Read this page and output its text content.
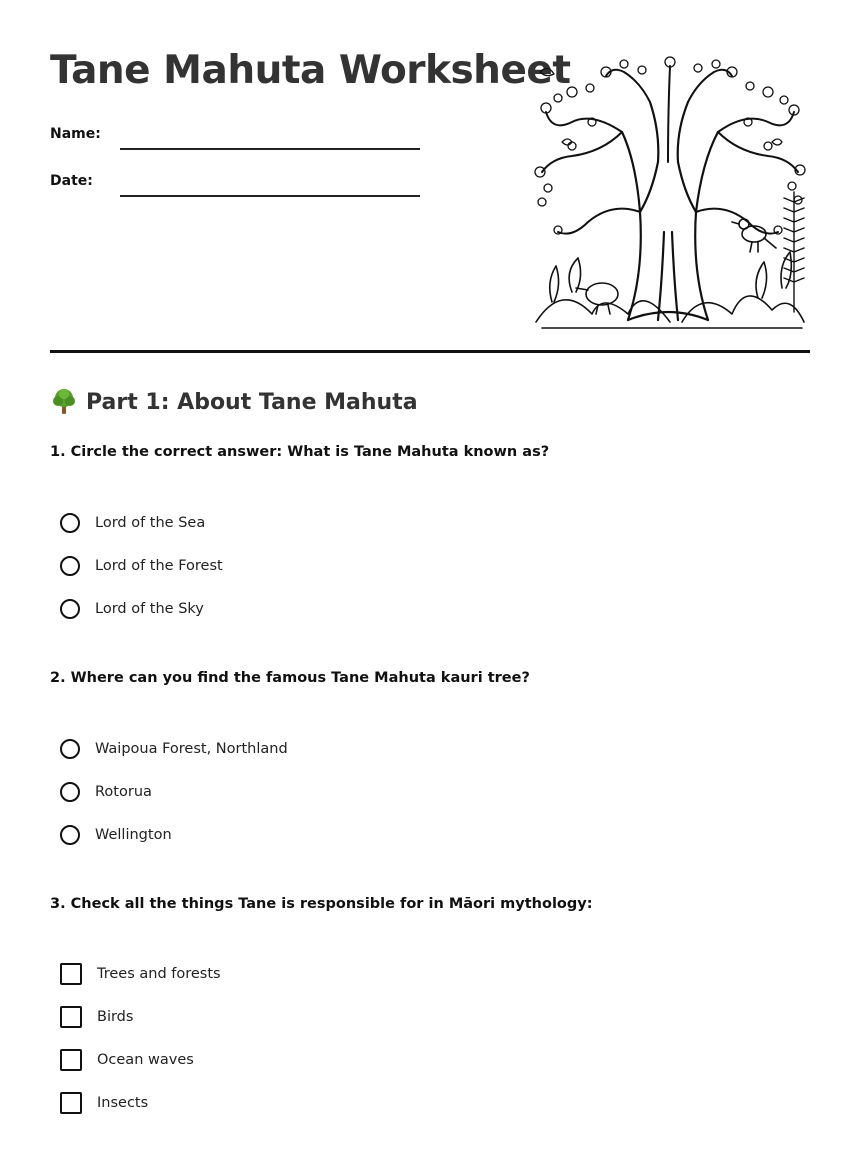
Tane Mahuta Worksheet
Name:
Date:
Part 1: About Tane Mahuta

1. Circle the correct answer: What is Tane Mahuta known as?

Lord of the Sea
Lord of the Forest
Lord of the Sky

2. Where can you find the famous Tane Mahuta kauri tree?

Waipoua Forest, Northland
Rotorua
Wellington

3. Check all the things Tane is responsible for in Māori mythology:

Trees and forests
Birds
Ocean waves
Insects
